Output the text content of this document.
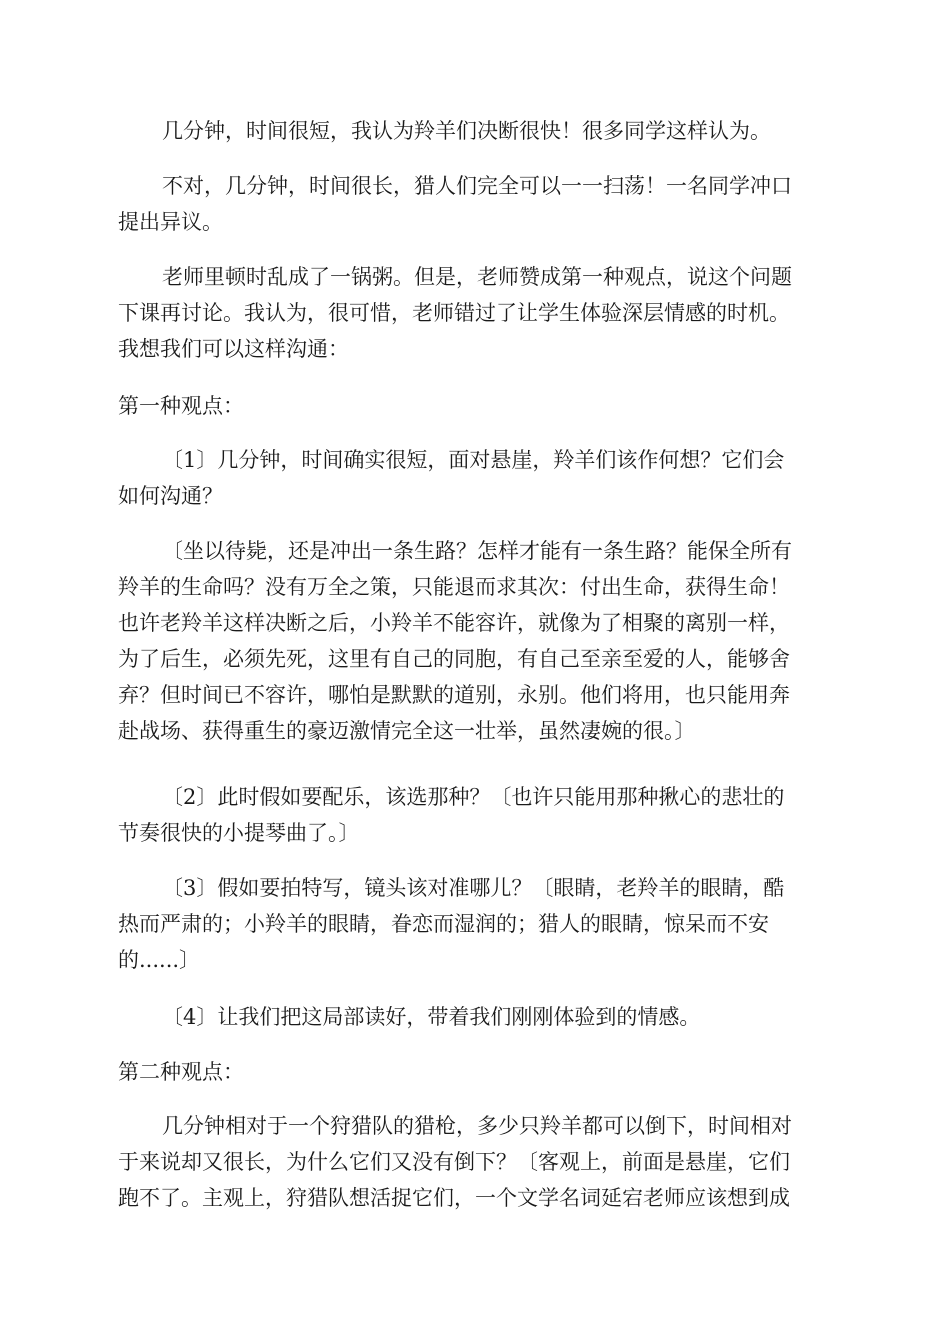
几分钟，时间很短，我认为羚羊们决断很快！很多同学这样认为。

不对，几分钟，时间很长，猎人们完全可以一一扫荡！一名同学冲口
提出异议。

老师里顿时乱成了一锅粥。但是，老师赞成第一种观点，说这个问题
下课再讨论。我认为，很可惜，老师错过了让学生体验深层情感的时机。
我想我们可以这样沟通：

第一种观点：

〔1〕几分钟，时间确实很短，面对悬崖，羚羊们该作何想？它们会
如何沟通？

〔坐以待毙，还是冲出一条生路？怎样才能有一条生路？能保全所有
羚羊的生命吗？没有万全之策，只能退而求其次：付出生命，获得生命！
也许老羚羊这样决断之后，小羚羊不能容许，就像为了相聚的离别一样，
为了后生，必须先死，这里有自己的同胞，有自己至亲至爱的人，能够舍
弃？但时间已不容许，哪怕是默默的道别，永别。他们将用，也只能用奔
赴战场、获得重生的豪迈激情完全这一壮举，虽然凄婉的很。〕

〔2〕此时假如要配乐，该选那种？〔也许只能用那种揪心的悲壮的
节奏很快的小提琴曲了。〕

〔3〕假如要拍特写，镜头该对准哪儿？〔眼睛，老羚羊的眼睛，酷
热而严肃的；小羚羊的眼睛，眷恋而湿润的；猎人的眼睛，惊呆而不安
的......〕

〔4〕让我们把这局部读好，带着我们刚刚体验到的情感。

第二种观点：

几分钟相对于一个狩猎队的猎枪，多少只羚羊都可以倒下，时间相对
于来说却又很长，为什么它们又没有倒下？〔客观上，前面是悬崖，它们
跑不了。主观上，狩猎队想活捉它们，一个文学名词延宕老师应该想到成
